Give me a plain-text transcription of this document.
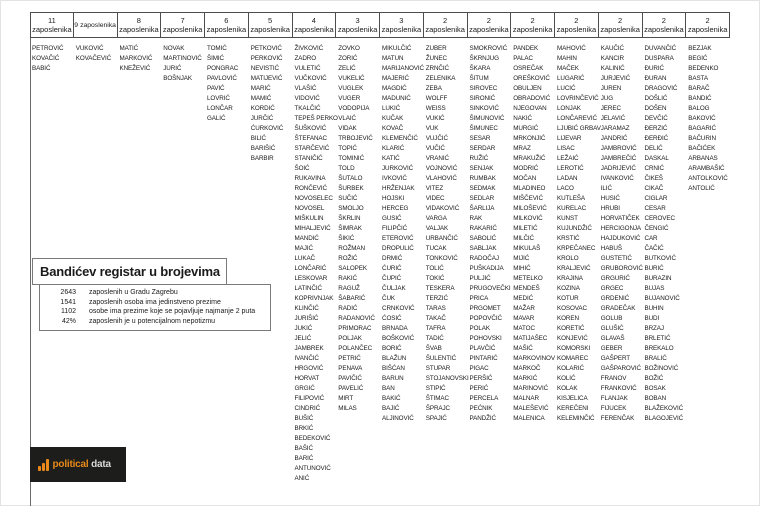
11
zaposlenika 9 zaposlenika	8
zaposlenika
7
zaposlenika
6
zaposlenika
5
zaposlenika
4
zaposlenika
3
zaposlenika
3
zaposlenika
2
zaposlenika
2
zaposlenika
2
zaposlenika
2
zaposlenika
2
zaposlenika
2
zaposlenika
2
zaposlenika
PETROVIĆ
KOVAČIĆ
BABIĆ
VUKOVIĆ
KOVAČEVIĆ
MATIĆ
MARKOVIĆ
KNEŽEVIĆ
NOVAK
MARTINOVIĆ
JURIĆ
BOŠNJAK
TOMIĆ
ŠIMIĆ
PONGRAC
PAVLOVIĆ
PAVIĆ
LOVRIĆ
LONČAR
GALIĆ
PETKOVIĆ
PERKOVIĆ
NEVISTIĆ
MATIJEVIĆ
MARIĆ
MAMIĆ
KORDIĆ
JURČIĆ
ĆURKOVIĆ
BILIĆ
BARIŠIĆ
BARBIR
ŽIVKOVIĆ
ZADRO
VULETIĆ
VUČKOVIĆ
VLAŠIĆ
VIDOVIĆ
TKALČIĆ
TEPEŠ PERKO
ŠUŠKOVIĆ
ŠTEFANAC
STARČEVIĆ
STANIČIĆ
ŠOIĆ
RUKAVINA
RONČEVIĆ
NOVOSELEC
NOVOSEL
MIŠKULIN
MIHALJEVIĆ
MANDIĆ
MAJIĆ
LUKAČ
LONČARIĆ
LESKOVAR
LATINČIĆ
KOPRIVNJAK
KLINČIĆ
JURIŠIĆ
JUKIĆ
JELIĆ
JAMBREK
IVANČIĆ
HRGOVIĆ
HORVAT
GRGIĆ
FILIPOVIĆ
CINDRIĆ
BUŠIĆ
BRKIĆ
BEDEKOVIĆ
BAŠIĆ
BARIĆ
ANTUNOVIĆ
ANIĆ
ZOVKO
ZORIĆ
ZELIĆ
VUKELIĆ
VUGLEK
VUGER
VODOPIJA
VLAIĆ
VIDAK
TRBOJEVIĆ
TOPIĆ
TOMINIĆ
TOLD
ŠUTALO
ŠURBEK
SUČIĆ
SMOLJO
ŠKRLIN
ŠIMRAK
ŠIKIĆ
ROŽMAN
ROŽIĆ
SALOPEK
RAKIĆ
RAGUŽ
ŠABARIĆ
RADIĆ
RADANOVIĆ
PRIMORAC
POLJAK
POLANČEC
PETRIĆ
PENAVA
PAVIČIĆ
PAVELIĆ
MIRT
MILAS
MIKULČIĆ
MATUN
MARIJANOVIĆ
MAJERIĆ
MAGDIĆ
MADUNIĆ
LUKIĆ
KUČAK
KOVAČ
KLEMENČIĆ
KLARIĆ
KATIĆ
JURKOVIĆ
IVKOVIĆ
HRŽENJAK
HOJSKI
HERCEG
GUSIĆ
FILIPČIĆ
ETEROVIĆ
DROPULIĆ
DRMIĆ
ĆURIĆ
ČUPIĆ
ČULJAK
ČUK
CRNKOVIĆ
ĆOSIĆ
BRNADA
BOŠKOVIĆ
BORIĆ
BLAŽUN
BIŠĆAN
BARUN
BAN
BAKIĆ
BAJIĆ
ALJINOVIĆ
ZUBER
ŽUNEC
ZRNČIĆ
ZELENIKA
ZEBA
WOLFF
WEISS
VUKIĆ
VUK
VUJČIĆ
VUČIĆ
VRANIĆ
VOJNOVIĆ
VLAHOVIĆ
VITEZ
VIDEC
VIDAKOVIĆ
VARGA
VALJAK
URBANČIĆ
TUCAK
TONKOVIĆ
TOLIĆ
TOKIĆ
TESKERA
TERZIĆ
TARAS
TAKAČ
TAFRA
TADIĆ
ŠVAB
ŠULENTIĆ
STUPAR
STOJANOVSKI
STIPIĆ
ŠTIMAC
ŠPRAJC
SPAJIĆ
SMOKROVIĆ
ŠKRNJUG
ŠKARA
ŠITUM
SIROVEC
SIRONIĆ
SINKOVIĆ
ŠIMUNOVIĆ
ŠIMUNEC
SESAR
SERDAR
RUŽIĆ
SENJAK
RUMBAK
SEDMAK
SEDLAR
ŠARLIJA
RAK
RAKARIĆ
SABOLIĆ
SABLJAK
RADOČAJ
PUŠKADIJA
PULJIĆ
PRUGOVEČKI
PRICA
PRGOMET
POPOVČIĆ
POLAK
POHOVSKI
PLAVČIĆ
PINTARIĆ
PIGAC
PERŠIĆ
PERIĆ
PERCELA
PEĆNIK
PANDŽIĆ
PANDEK
PALAC
OSREČAK
OREŠKOVIĆ
OBULJEN
OBRADOVIĆ
NJEGOVAN
NAKIĆ
MURGIĆ
MRKONJIĆ
MRAZ
MRAKUŽIĆ
MODRIĆ
MOČAN
MLADINEO
MIŠČEVIĆ
MILOŠEVIĆ
MILKOVIĆ
MILETIĆ
MILČIĆ
MIKULAŠ
MIJIĆ
MIHIĆ
METELKO
MENDEŠ
MEDIĆ
MAŽAR
MAVAR
MATOC
MATIJAŠEC
MAŠIĆ
MARKOVINOV
MARKOČ
MARKIĆ
MARINOVIĆ
MALNAR
MALEŠEVIĆ
MALENICA
MAHOVIĆ
MAHIN
MAČEK
LUGARIĆ
LUCIĆ
LOVRINČEVIĆ
LONJAK
LONČAREVIĆ
LJUBIĆ GRBAV
LIJEVAR
LISAC
LEŽAIĆ
LEROTIĆ
LADAN
LACO
KUTLEŠA
KURELAC
KUNST
KUJUNDŽIĆ
KRSTIĆ
KRPEČANEC
KROLO
KRALJEVIĆ
KRAJINA
KOZINA
KOTUR
KOSOVAC
KOREN
KORETIĆ
KONJEVIĆ
KOMORSKI
KOMAREC
KOLARIĆ
KOLIĆ
KOLAK
KISJELICA
KEREČENI
KELEMINČIĆ
KAUČIĆ
KANCIR
KALINIĆ
JURJEVIĆ
JUREN
JUG
JEREC
JELAVIĆ
JARAMAZ
JANDRIĆ
JAMBROVIĆ
JAMBREČIĆ
JADRIJEVIĆ
IVANKOVIĆ
ILIĆ
HUSIĆ
HRUBI
HORVATIČEK
HERCIGONJA
HAJDUKOVIĆ
HABUŠ
GUSTETIĆ
GRUBOROVIĆ
GRGURIĆ
GRGEC
GRDENIĆ
GRADEČAK
GOLUB
GLUŠIĆ
GLAVAŠ
GEBER
GAŠPERT
GAŠPAROVIĆ
FRANOV
FRANKOVIĆ
FLANJAK
FIJUCEK
FERENČAK
DUVANČIĆ
DUSPARA
ĐURIĆ
ĐURAN
DRAGOVIĆ
DOŠLIĆ
DOŠEN
DEVČIĆ
ĐERZIĆ
ĐERĐIĆ
DELIĆ
DASKAL
CRNIĆ
ČIKEŠ
CIKAČ
CIGLAR
CESAR
CEROVEC
ČENGIĆ
CAR
ČAČIĆ
BUTKOVIĆ
BURIĆ
BURAZIN
BUJAS
BUJANOVIĆ
BUHIN
BUDI
BRZAJ
BRLETIĆ
BREKALO
BRALIĆ
BOŽINOVIĆ
BOŽIĆ
BOSAK
BOBAN
BLAŽEKOVIĆ
BLAGOJEVIĆ
BEZJAK
BEGIĆ
BEDENKO
BASTA
BARAČ
BANDIĆ
BALOG
BAKOVIĆ
BAGARIĆ
BAČURIN
BAČIĆEK
ARBANAS
ARAMBAŠIĆ
ANTOLKOVIĆ
ANTOLIĆ
Bandićev registar u brojevima
2643 zaposlenih u Gradu Zagrebu
1541 zaposlenih osoba ima jedinstveno prezime
1102 osobe ima prezime koje se pojavljuje najmanje 2 puta
42% zaposlenih je u potencijalnom nepotizmu
political data
